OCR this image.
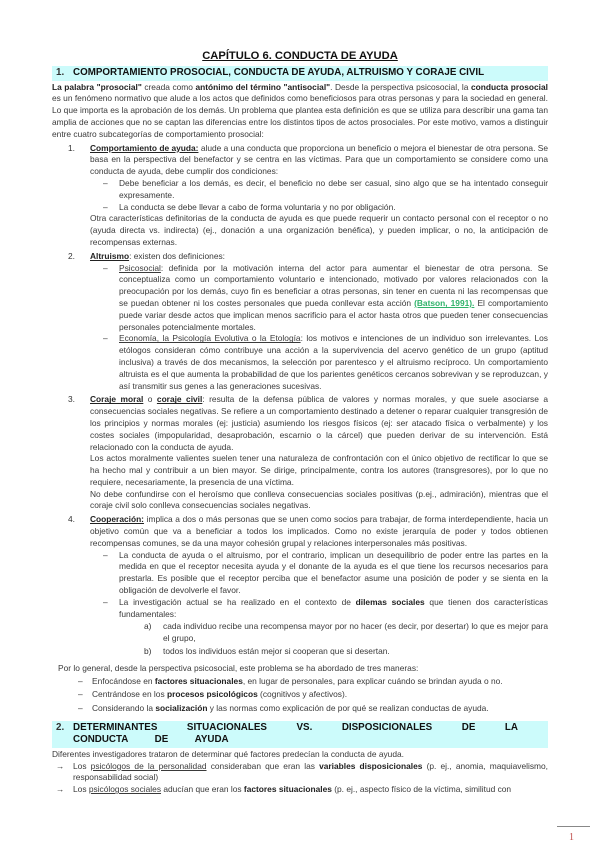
CAPÍTULO 6. CONDUCTA DE AYUDA
1. COMPORTAMIENTO PROSOCIAL, CONDUCTA DE AYUDA, ALTRUISMO Y CORAJE CIVIL
La palabra "prosocial" creada como antónimo del término "antisocial". Desde la perspectiva psicosocial, la conducta prosocial es un fenómeno normativo que alude a los actos que definidos como beneficiosos para otras personas y para la sociedad en general. Lo que importa es la aprobación de los demás. Un problema que plantea esta definición es que se utiliza para describir una gama tan amplia de acciones que no se captan las diferencias entre los distintos tipos de actos prosociales. Por este motivo, vamos a distinguir entre cuatro subcategorías de comportamiento prosocial:
1. Comportamiento de ayuda: alude a una conducta que proporciona un beneficio o mejora el bienestar de otra persona. Se basa en la perspectiva del benefactor y se centra en las víctimas. Para que un comportamiento se considere como una conducta de ayuda, debe cumplir dos condiciones:
– Debe beneficiar a los demás, es decir, el beneficio no debe ser casual, sino algo que se ha intentado conseguir expresamente.
– La conducta se debe llevar a cabo de forma voluntaria y no por obligación.
Otra características definitorias de la conducta de ayuda es que puede requerir un contacto personal con el receptor o no (ayuda directa vs. indirecta) (ej., donación a una organización benéfica), y pueden implicar, o no, la anticipación de recompensas externas.
2. Altruismo: existen dos definiciones:
– Psicosocial: definida por la motivación interna del actor para aumentar el bienestar de otra persona. Se conceptualiza como un comportamiento voluntario e intencionado, motivado por valores relacionados con la preocupación por los demás, cuyo fin es beneficiar a otras personas, sin tener en cuenta ni las recompensas que se puedan obtener ni los costes personales que pueda conllevar esta acción (Batson, 1991). El comportamiento puede variar desde actos que implican menos sacrificio para el actor hasta otros que pueden tener consecuencias personales potencialmente mortales.
– Economía, la Psicología Evolutiva o la Etología: los motivos e intenciones de un individuo son irrelevantes. Los etólogos consideran cómo contribuye una acción a la supervivencia del acervo genético de un grupo (aptitud inclusiva) a través de dos mecanismos, la selección por parentesco y el altruismo recíproco. Un comportamiento altruista es el que aumenta la probabilidad de que los parientes genéticos cercanos sobrevivan y se reproduzcan, y así transmitir sus genes a las generaciones sucesivas.
3. Coraje moral o coraje civil: resulta de la defensa pública de valores y normas morales, y que suele asociarse a consecuencias sociales negativas. Se refiere a un comportamiento destinado a detener o reparar cualquier transgresión de los principios y normas morales (ej: justicia) asumiendo los riesgos físicos (ej: ser atacado física o verbalmente) y los costes sociales (impopularidad, desaprobación, escarnio o la cárcel) que pueden derivar de su intervención. Está relacionado con la conducta de ayuda.
Los actos moralmente valientes suelen tener una naturaleza de confrontación con el único objetivo de rectificar lo que se ha hecho mal y contribuir a un bien mayor. Se dirige, principalmente, contra los autores (transgresores), por lo que no requiere, necesariamente, la presencia de una víctima.
No debe confundirse con el heroísmo que conlleva consecuencias sociales positivas (p.ej., admiración), mientras que el coraje civil solo conlleva consecuencias sociales negativas.
4. Cooperación: implica a dos o más personas que se unen como socios para trabajar, de forma interdependiente, hacia un objetivo común que va a beneficiar a todos los implicados. Como no existe jerarquía de poder y todos obtienen recompensas comunes, se da una mayor cohesión grupal y relaciones interpersonales más positivas.
– La conducta de ayuda o el altruismo, por el contrario, implican un desequilibrio de poder entre las partes en la medida en que el receptor necesita ayuda y el donante de la ayuda es el que tiene los recursos necesarios para prestarla. Es posible que el receptor perciba que el benefactor asume una posición de poder y se sienta en la obligación de devolverle el favor.
– La investigación actual se ha realizado en el contexto de dilemas sociales que tienen dos características fundamentales:
a) cada individuo recibe una recompensa mayor por no hacer (es decir, por desertar) lo que es mejor para el grupo,
b) todos los individuos están mejor si cooperan que si desertan.
Por lo general, desde la perspectiva psicosocial, este problema se ha abordado de tres maneras:
– Enfocándose en factores situacionales, en lugar de personales, para explicar cuándo se brindan ayuda o no.
– Centrándose en los procesos psicológicos (cognitivos y afectivos).
– Considerando la socialización y las normas como explicación de por qué se realizan conductas de ayuda.
2. DETERMINANTES SITUACIONALES VS. DISPOSICIONALES DE LA CONDUCTA DE AYUDA
Diferentes investigadores trataron de determinar qué factores predecían la conducta de ayuda.
→ Los psicólogos de la personalidad consideraban que eran las variables disposicionales (p. ej., anomia, maquiavelismo, responsabilidad social)
→ Los psicólogos sociales aducían que eran los factores situacionales (p. ej., aspecto físico de la víctima, similitud con
1
